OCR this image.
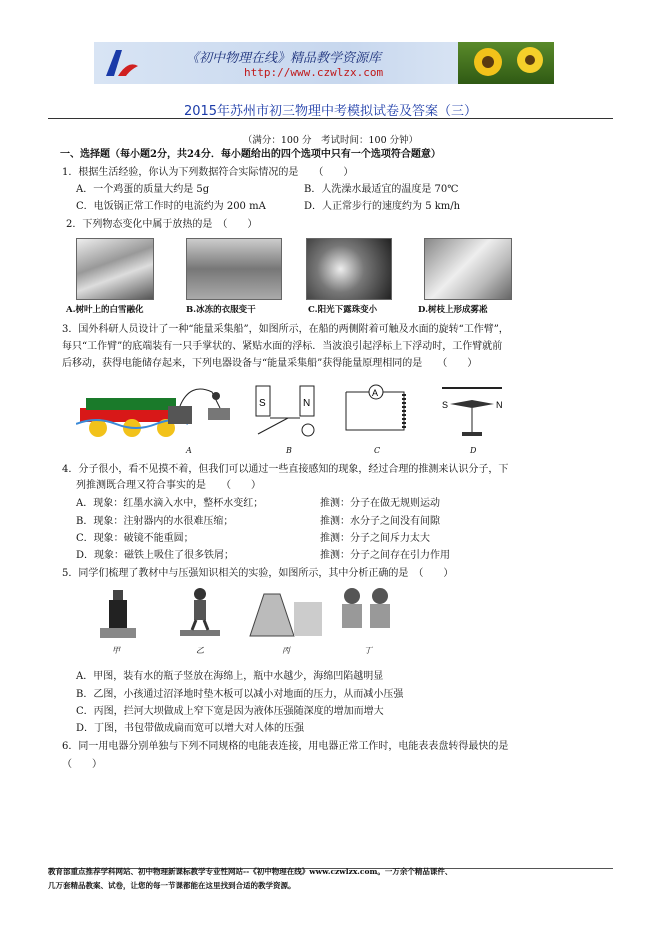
《初中物理在线》精品教学资源库
http://www.czwlzx.com
2015年苏州市初三物理中考模拟试卷及答案（三）
（满分：100 分　考试时间：100 分钟）
一、选择题（每小题2分，共24分．每小题给出的四个选项中只有一个选项符合题意）
1．根据生活经验，你认为下列数据符合实际情况的是　　（　　）
A．一个鸡蛋的质量大约是 5g	B．人洗澡水最适宜的温度是 70℃
C．电饭锅正常工作时的电流约为 200 mA	D．人正常步行的速度约为 5 km/h
2．下列物态变化中属于放热的是　（　　）
A.树叶上的白雪融化	B.冰冻的衣服变干	C.阳光下露珠变小	D.树枝上形成雾凇
3．国外科研人员设计了一种“能量采集船”，如图所示，在船的两侧附着可触及水面的旋转“工作臂”，
每只“工作臂”的底端装有一只手掌状的、紧贴水面的浮标．当波浪引起浮标上下浮动时，工作臂就前
后移动，获得电能储存起来，下列电器设备与“能量采集船”获得能量原理相同的是　　（　　）
S	N
A
S	N
A	B	C	D
4．分子很小，看不见摸不着，但我们可以通过一些直接感知的现象，经过合理的推测来认识分子，下
列推测既合理又符合事实的是　　（　　）
A．现象：红墨水滴入水中，整杯水变红；	推测：分子在做无规则运动
B．现象：注射器内的水很难压缩；	推测：水分子之间没有间隙
C．现象：破镜不能重圆；	推测：分子之间斥力太大
D．现象：磁铁上吸住了很多铁屑；	推测：分子之间存在引力作用
5．同学们梳理了教材中与压强知识相关的实验，如图所示，其中分析正确的是　（　　）
甲	乙	丙	丁
A．甲图，装有水的瓶子竖放在海绵上，瓶中水越少，海绵凹陷越明显
B．乙图，小孩通过沼泽地时垫木板可以减小对地面的压力，从而减小压强
C．丙图，拦河大坝做成上窄下宽是因为液体压强随深度的增加而增大
D．丁图，书包带做成扁而宽可以增大对人体的压强
6．同一用电器分别单独与下列不同规格的电能表连接，用电器正常工作时，电能表表盘转得最快的是
（　　）
教育部重点推荐学科网站、初中物理新课标教学专业性网站--《初中物理在线》www.czwlzx.com。一万余个精品课件、
几万套精品教案、试卷，让您的每一节课都能在这里找到合适的教学资源。
